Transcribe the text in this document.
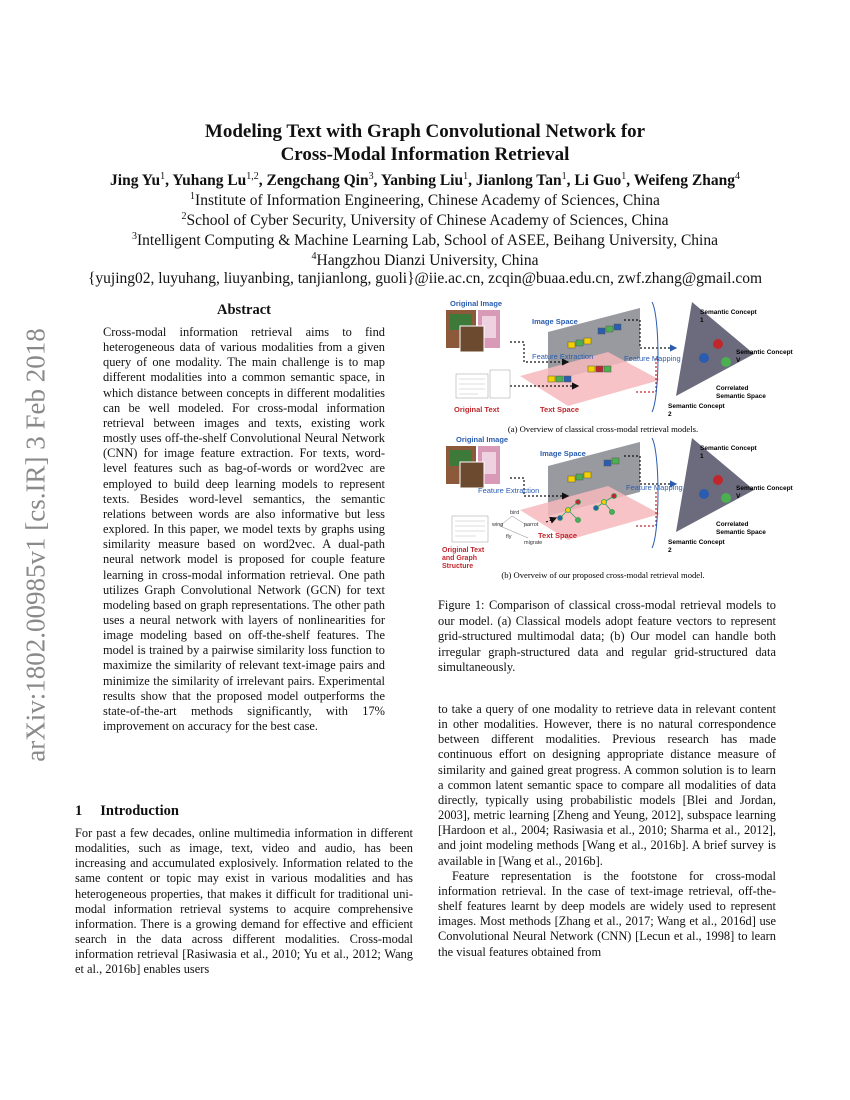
arXiv:1802.00985v1 [cs.IR] 3 Feb 2018
Modeling Text with Graph Convolutional Network for
Cross-Modal Information Retrieval
Jing Yu$^1$, Yuhang Lu$^{1,2}$, Zengchang Qin$^3$, Yanbing Liu$^1$, Jianlong Tan$^1$, Li Guo$^1$, Weifeng Zhang$^4$
$^1$Institute of Information Engineering, Chinese Academy of Sciences, China
$^2$School of Cyber Security, University of Chinese Academy of Sciences, China
$^3$Intelligent Computing & Machine Learning Lab, School of ASEE, Beihang University, China
$^4$Hangzhou Dianzi University, China
{yujing02, luyuhang, liuyanbing, tanjianlong, guoli}@iie.ac.cn, zcqin@buaa.edu.cn, zwf.zhang@gmail.com
Abstract

Cross-modal information retrieval aims to find heterogeneous data of various modalities from a given query of one modality. The main challenge is to map different modalities into a common semantic space, in which distance between concepts in different modalities can be well modeled. For cross-modal information retrieval between images and texts, existing work mostly uses off-the-shelf Convolutional Neural Network (CNN) for image feature extraction. For texts, word-level features such as bag-of-words or word2vec are employed to build deep learning models to represent texts. Besides word-level semantics, the semantic relations between words are also informative but less explored. In this paper, we model texts by graphs using similarity measure based on word2vec. A dual-path neural network model is proposed for couple feature learning in cross-modal information retrieval. One path utilizes Graph Convolutional Network (GCN) for text modeling based on graph representations. The other path uses a neural network with layers of nonlinearities for image modeling based on off-the-shelf features. The model is trained by a pairwise similarity loss function to maximize the similarity of relevant text-image pairs and minimize the similarity of irrelevant pairs. Experimental results show that the proposed model outperforms the state-of-the-art methods significantly, with 17% improvement on accuracy for the best case.

1 Introduction

For past a few decades, online multimedia information in different modalities, such as image, text, video and audio, has been increasing and accumulated explosively. Information related to the same content or topic may exist in various modalities and has heterogeneous properties, that makes it difficult for traditional uni-modal information retrieval systems to acquire comprehensive information. There is a growing demand for effective and efficient search in the data across different modalities. Cross-modal information retrieval [Rasiwasia et al., 2010; Yu et al., 2012; Wang et al., 2016b] enables users

to take a query of one modality to retrieve data in relevant content in other modalities. However, there is no natural correspondence between different modalities. Previous research has made continuous effort on designing appropriate distance measure of similarity and gained great progress. A common solution is to learn a common latent semantic space to compare all modalities of data directly, typically using probabilistic models [Blei and Jordan, 2003], metric learning [Zheng and Yeung, 2012], subspace learning [Hardoon et al., 2004; Rasiwasia et al., 2010; Sharma et al., 2012], and joint modeling methods [Wang et al., 2016b]. A brief survey is available in [Wang et al., 2016b].

Feature representation is the footstone for cross-modal information retrieval. In the case of text-image retrieval, off-the-shelf features learnt by deep models are widely used to represent images. Most methods [Zhang et al., 2017; Wang et al., 2016d] use Convolutional Neural Network (CNN) [Lecun et al., 1998] to learn the visual features obtained from

Original Image
Image Space
Feature Extraction	Feature Mapping
Original Text	Text Space
Semantic Concept 1
Semantic Concept V
Semantic Concept 2
Correlated Semantic Space
(a) Overview of classical cross-modal retrieval models.
Original Image
Image Space
Feature Extraction	Feature Mapping
bird
wing	parrot
fly
migrate
Original Text and Graph Structure
Text Space
Semantic Concept 1
Semantic Concept V
Semantic Concept 2
Correlated Semantic Space
(b) Overveiw of our proposed cross-modal retrieval model.
Figure 1: Comparison of classical cross-modal retrieval models to our model. (a) Classical models adopt feature vectors to represent grid-structured multimodal data; (b) Our model can handle both irregular graph-structured data and regular grid-structured data simultaneously.
